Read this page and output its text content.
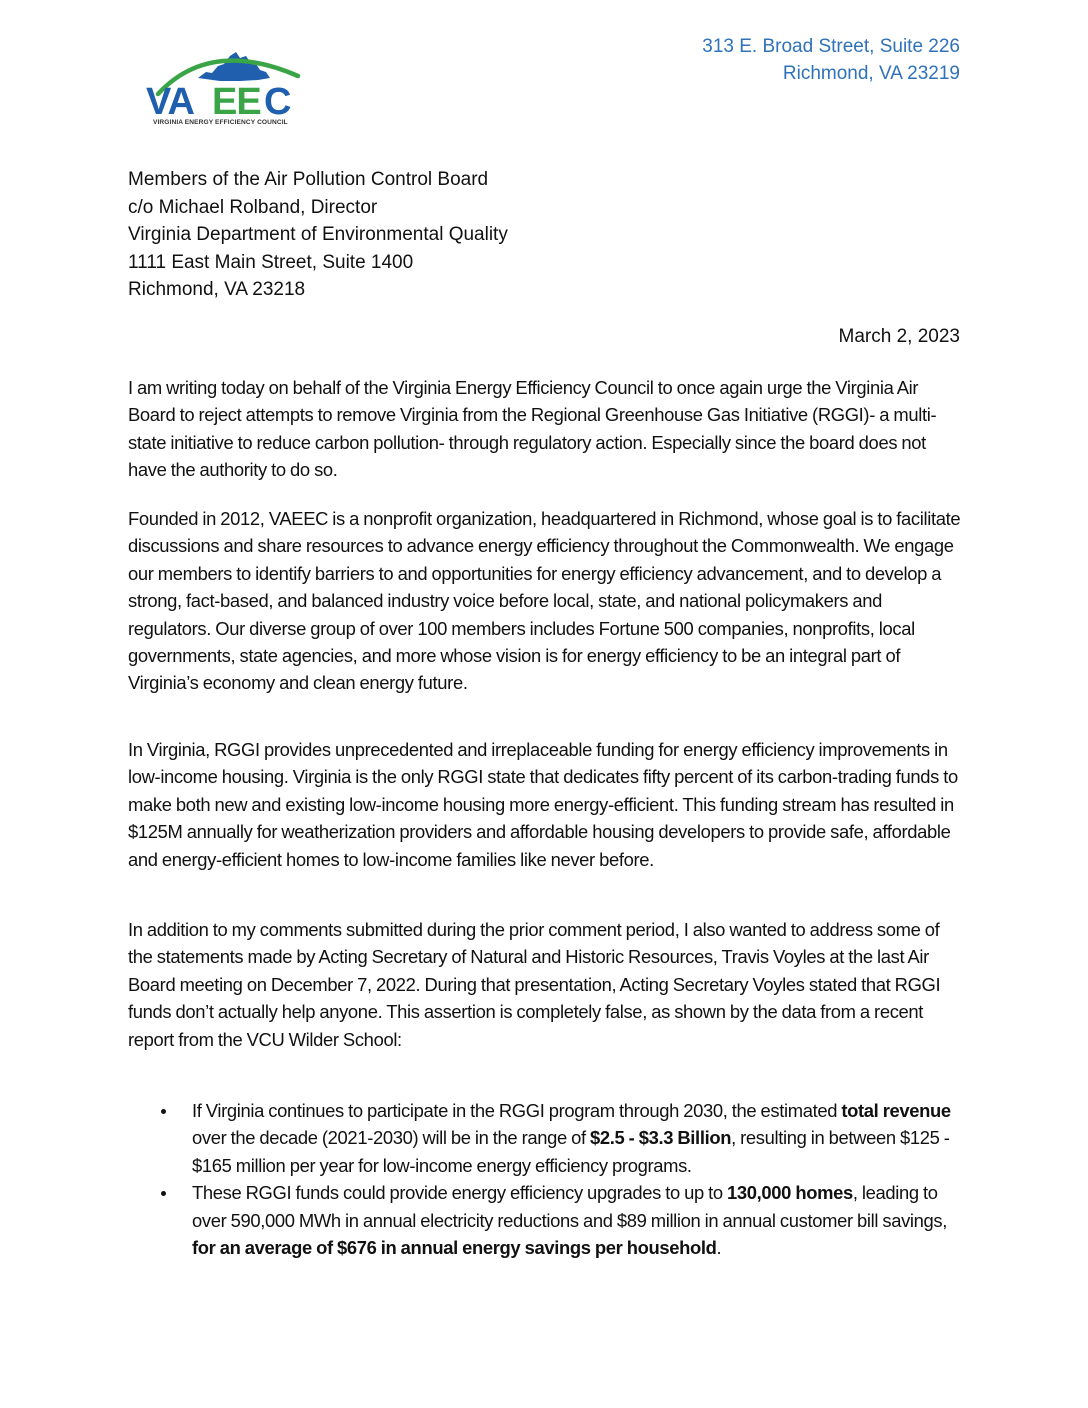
VA EE C
VIRGINIA ENERGY EFFICIENCY COUNCIL
313 E. Broad Street, Suite 226
Richmond, VA 23219
Members of the Air Pollution Control Board
c/o Michael Rolband, Director
Virginia Department of Environmental Quality
1111 East Main Street, Suite 1400
Richmond, VA 23218
March 2, 2023
I am writing today on behalf of the Virginia Energy Efficiency Council to once again urge the Virginia Air Board to reject attempts to remove Virginia from the Regional Greenhouse Gas Initiative (RGGI)- a multi-state initiative to reduce carbon pollution- through regulatory action. Especially since the board does not have the authority to do so.
Founded in 2012, VAEEC is a nonprofit organization, headquartered in Richmond, whose goal is to facilitate discussions and share resources to advance energy efficiency throughout the Commonwealth. We engage our members to identify barriers to and opportunities for energy efficiency advancement, and to develop a strong, fact-based, and balanced industry voice before local, state, and national policymakers and regulators. Our diverse group of over 100 members includes Fortune 500 companies, nonprofits, local governments, state agencies, and more whose vision is for energy efficiency to be an integral part of Virginia’s economy and clean energy future.
In Virginia, RGGI provides unprecedented and irreplaceable funding for energy efficiency improvements in low-income housing. Virginia is the only RGGI state that dedicates fifty percent of its carbon-trading funds to make both new and existing low-income housing more energy-efficient. This funding stream has resulted in $125M annually for weatherization providers and affordable housing developers to provide safe, affordable and energy-efficient homes to low-income families like never before.
In addition to my comments submitted during the prior comment period, I also wanted to address some of the statements made by Acting Secretary of Natural and Historic Resources, Travis Voyles at the last Air Board meeting on December 7, 2022. During that presentation, Acting Secretary Voyles stated that RGGI funds don’t actually help anyone. This assertion is completely false, as shown by the data from a recent report from the VCU Wilder School:
If Virginia continues to participate in the RGGI program through 2030, the estimated total revenue over the decade (2021-2030) will be in the range of $2.5 - $3.3 Billion, resulting in between $125 - $165 million per year for low-income energy efficiency programs.
These RGGI funds could provide energy efficiency upgrades to up to 130,000 homes, leading to over 590,000 MWh in annual electricity reductions and $89 million in annual customer bill savings, for an average of $676 in annual energy savings per household.
